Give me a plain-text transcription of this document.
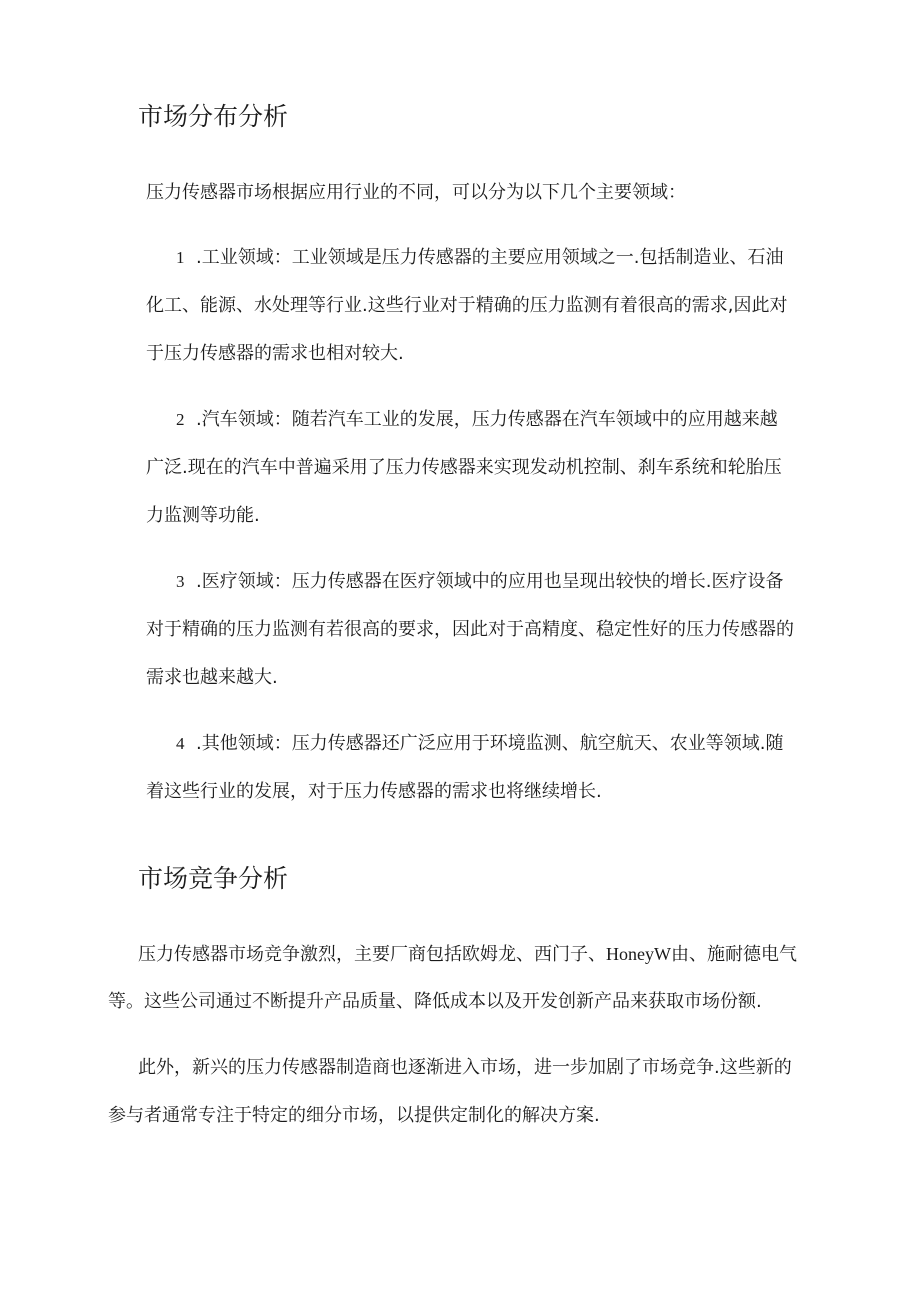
市场分布分析

压力传感器市场根据应用行业的不同，可以分为以下几个主要领域：

1 .工业领域：工业领域是压力传感器的主要应用领域之一.包括制造业、石油

化工、能源、水处理等行业.这些行业对于精确的压力监测有着很高的需求,因此对

于压力传感器的需求也相对较大.

2 .汽车领域：随若汽车工业的发展，压力传感器在汽车领域中的应用越来越

广泛.现在的汽车中普遍采用了压力传感器来实现发动机控制、刹车系统和轮胎压

力监测等功能.

3 .医疗领域：压力传感器在医疗领域中的应用也呈现出较快的增长.医疗设备

对于精确的压力监测有若很高的要求，因此对于高精度、稳定性好的压力传感器的

需求也越来越大.

4 .其他领域：压力传感器还广泛应用于环境监测、航空航天、农业等领域.随

着这些行业的发展，对于压力传感器的需求也将继续增长.

市场竞争分析

压力传感器市场竞争激烈，主要厂商包括欧姆龙、西门子、HoneyW由、施耐德电气

等。这些公司通过不断提升产品质量、降低成本以及开发创新产品来获取市场份额.

此外，新兴的压力传感器制造商也逐渐进入市场，进一步加剧了市场竞争.这些新的

参与者通常专注于特定的细分市场，以提供定制化的解决方案.
